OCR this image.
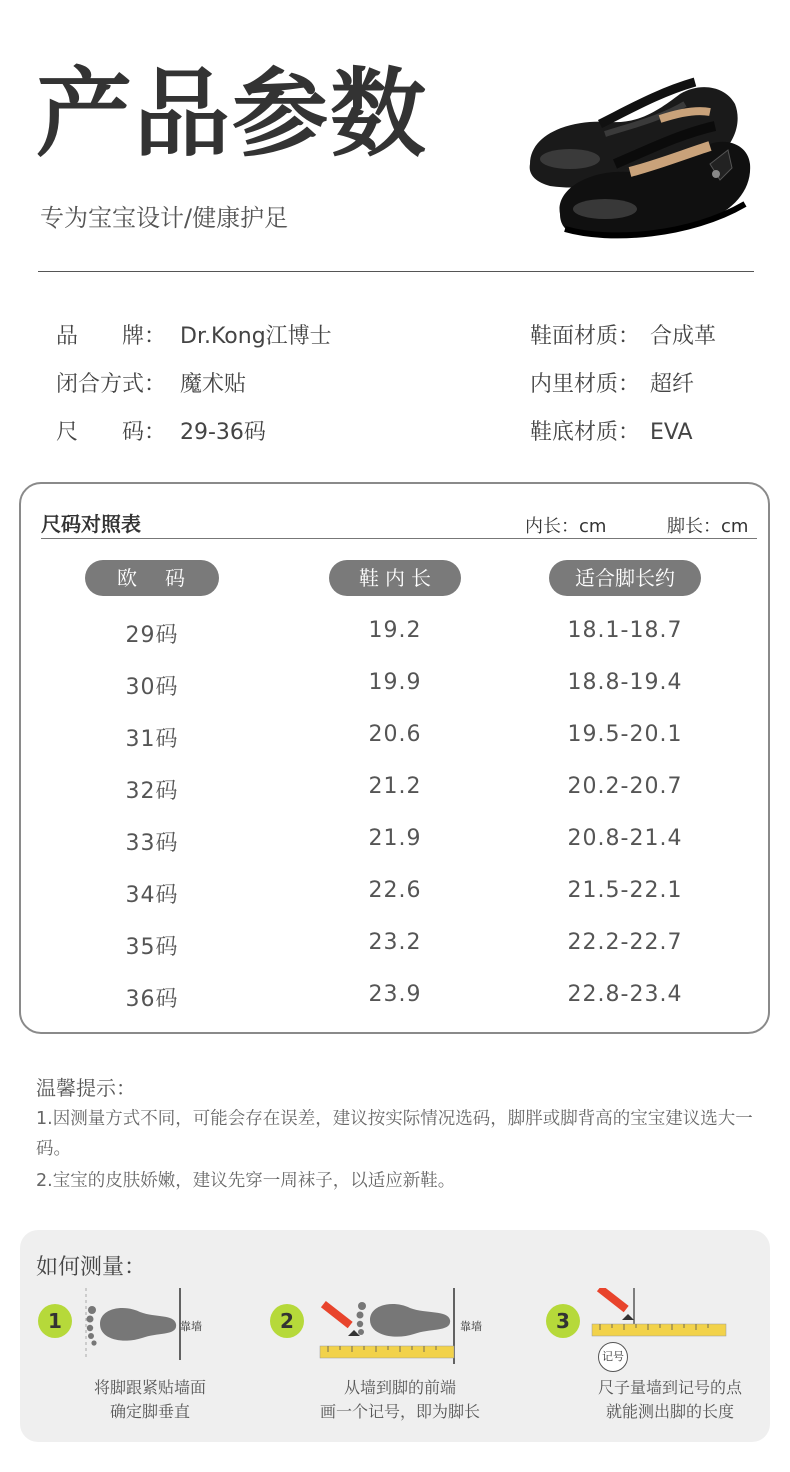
产品参数
专为宝宝设计/健康护足
品　　牌： Dr.Kong江博士
闭合方式： 魔术贴
尺　　码： 29-36码
鞋面材质： 合成革
内里材质： 超纤
鞋底材质： EVA
尺码对照表	内长：cm	脚长：cm
欧码	鞋内长	适合脚长约
29码	19.2	18.1-18.7
30码	19.9	18.8-19.4
31码	20.6	19.5-20.1
32码	21.2	20.2-20.7
33码	21.9	20.8-21.4
34码	22.6	21.5-22.1
35码	23.2	22.2-22.7
36码	23.9	22.8-23.4
温馨提示：
1.因测量方式不同，可能会存在误差，建议按实际情况选码，脚胖或脚背高的宝宝建议选大一码。
2.宝宝的皮肤娇嫩，建议先穿一周袜子，以适应新鞋。
如何测量：
1	靠墙
将脚跟紧贴墙面
确定脚垂直
2	靠墙
从墙到脚的前端
画一个记号，即为脚长
3
记号
尺子量墙到记号的点
就能测出脚的长度
